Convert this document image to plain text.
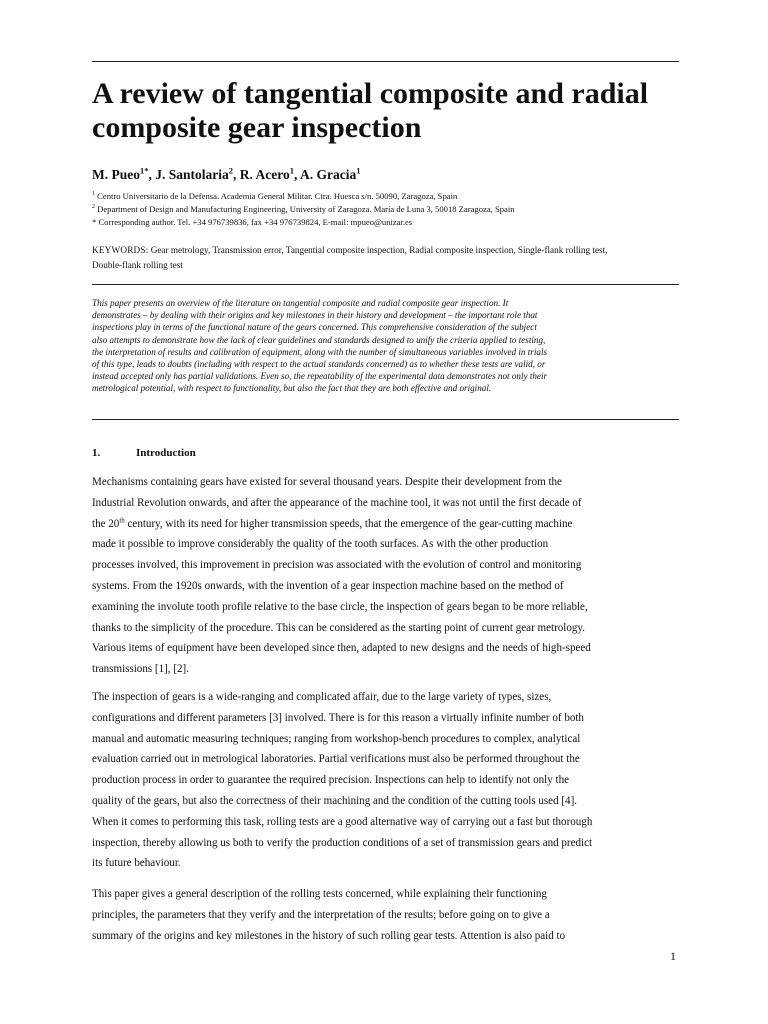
A review of tangential composite and radial
composite gear inspection
M. Pueo$^{1*}$, J. Santolaria$^2$, R. Acero$^1$, A. Gracia$^1$
$^1$ Centro Universitario de la Defensa. Academia General Militar. Ctra. Huesca s/n. 50090, Zaragoza, Spain
$^2$ Department of Design and Manufacturing Engineering, University of Zaragoza. María de Luna 3, 50018 Zaragoza, Spain
* Corresponding author. Tel. +34 976739836, fax +34 976739824, E-mail: mpueo@unizar.es
KEYWORDS: Gear metrology, Transmission error, Tangential composite inspection, Radial composite inspection, Single-flank rolling test,
Double-flank rolling test
This paper presents an overview of the literature on tangential composite and radial composite gear inspection. It
demonstrates – by dealing with their origins and key milestones in their history and development – the important role that
inspections play in terms of the functional nature of the gears concerned. This comprehensive consideration of the subject
also attempts to demonstrate how the lack of clear guidelines and standards designed to unify the criteria applied to testing,
the interpretation of results and calibration of equipment, along with the number of simultaneous variables involved in trials
of this type, leads to doubts (including with respect to the actual standards concerned) as to whether these tests are valid, or
instead accepted only has partial validations. Even so, the repeatability of the experimental data demonstrates not only their
metrological potential, with respect to functionality, but also the fact that they are both effective and original.
1.	Introduction

Mechanisms containing gears have existed for several thousand years. Despite their development from the
Industrial Revolution onwards, and after the appearance of the machine tool, it was not until the first decade of
the 20th century, with its need for higher transmission speeds, that the emergence of the gear-cutting machine
made it possible to improve considerably the quality of the tooth surfaces. As with the other production
processes involved, this improvement in precision was associated with the evolution of control and monitoring
systems. From the 1920s onwards, with the invention of a gear inspection machine based on the method of
examining the involute tooth profile relative to the base circle, the inspection of gears began to be more reliable,
thanks to the simplicity of the procedure. This can be considered as the starting point of current gear metrology.
Various items of equipment have been developed since then, adapted to new designs and the needs of high-speed
transmissions [1], [2].

The inspection of gears is a wide-ranging and complicated affair, due to the large variety of types, sizes,
configurations and different parameters [3] involved. There is for this reason a virtually infinite number of both
manual and automatic measuring techniques; ranging from workshop-bench procedures to complex, analytical
evaluation carried out in metrological laboratories. Partial verifications must also be performed throughout the
production process in order to guarantee the required precision. Inspections can help to identify not only the
quality of the gears, but also the correctness of their machining and the condition of the cutting tools used [4].
When it comes to performing this task, rolling tests are a good alternative way of carrying out a fast but thorough
inspection, thereby allowing us both to verify the production conditions of a set of transmission gears and predict
its future behaviour.

This paper gives a general description of the rolling tests concerned, while explaining their functioning
principles, the parameters that they verify and the interpretation of the results; before going on to give a
summary of the origins and key milestones in the history of such rolling gear tests. Attention is also paid to

1
